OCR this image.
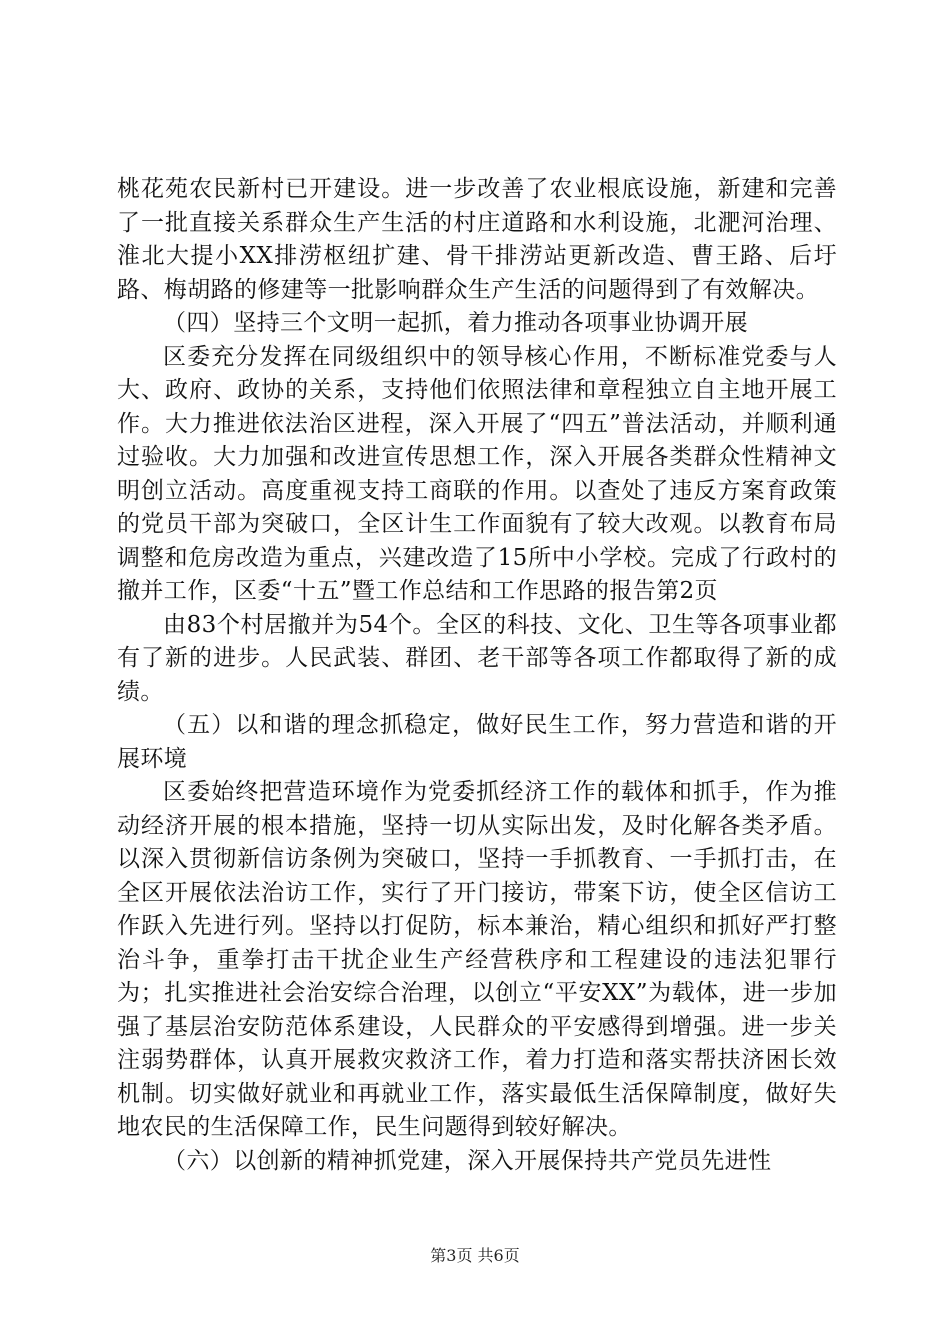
桃花苑农民新村已开建设。进一步改善了农业根底设施，新建和完善了一批直接关系群众生产生活的村庄道路和水利设施，北淝河治理、淮北大提小XX排涝枢纽扩建、骨干排涝站更新改造、曹王路、后圩路、梅胡路的修建等一批影响群众生产生活的问题得到了有效解决。

（四）坚持三个文明一起抓，着力推动各项事业协调开展

区委充分发挥在同级组织中的领导核心作用，不断标准党委与人大、政府、政协的关系，支持他们依照法律和章程独立自主地开展工作。大力推进依法治区进程，深入开展了“四五”普法活动，并顺利通过验收。大力加强和改进宣传思想工作，深入开展各类群众性精神文明创立活动。高度重视支持工商联的作用。以查处了违反方案育政策的党员干部为突破口，全区计生工作面貌有了较大改观。以教育布局调整和危房改造为重点，兴建改造了15所中小学校。完成了行政村的撤并工作，区委“十五”暨工作总结和工作思路的报告第2页

由83个村居撤并为54个。全区的科技、文化、卫生等各项事业都有了新的进步。人民武装、群团、老干部等各项工作都取得了新的成绩。

（五）以和谐的理念抓稳定，做好民生工作，努力营造和谐的开展环境

区委始终把营造环境作为党委抓经济工作的载体和抓手，作为推动经济开展的根本措施，坚持一切从实际出发，及时化解各类矛盾。以深入贯彻新信访条例为突破口，坚持一手抓教育、一手抓打击，在全区开展依法治访工作，实行了开门接访，带案下访，使全区信访工作跃入先进行列。坚持以打促防，标本兼治，精心组织和抓好严打整治斗争，重拳打击干扰企业生产经营秩序和工程建设的违法犯罪行为；扎实推进社会治安综合治理，以创立“平安XX”为载体，进一步加强了基层治安防范体系建设，人民群众的平安感得到增强。进一步关注弱势群体，认真开展救灾救济工作，着力打造和落实帮扶济困长效机制。切实做好就业和再就业工作，落实最低生活保障制度，做好失地农民的生活保障工作，民生问题得到较好解决。

（六）以创新的精神抓党建，深入开展保持共产党员先进性

第3页 共6页
